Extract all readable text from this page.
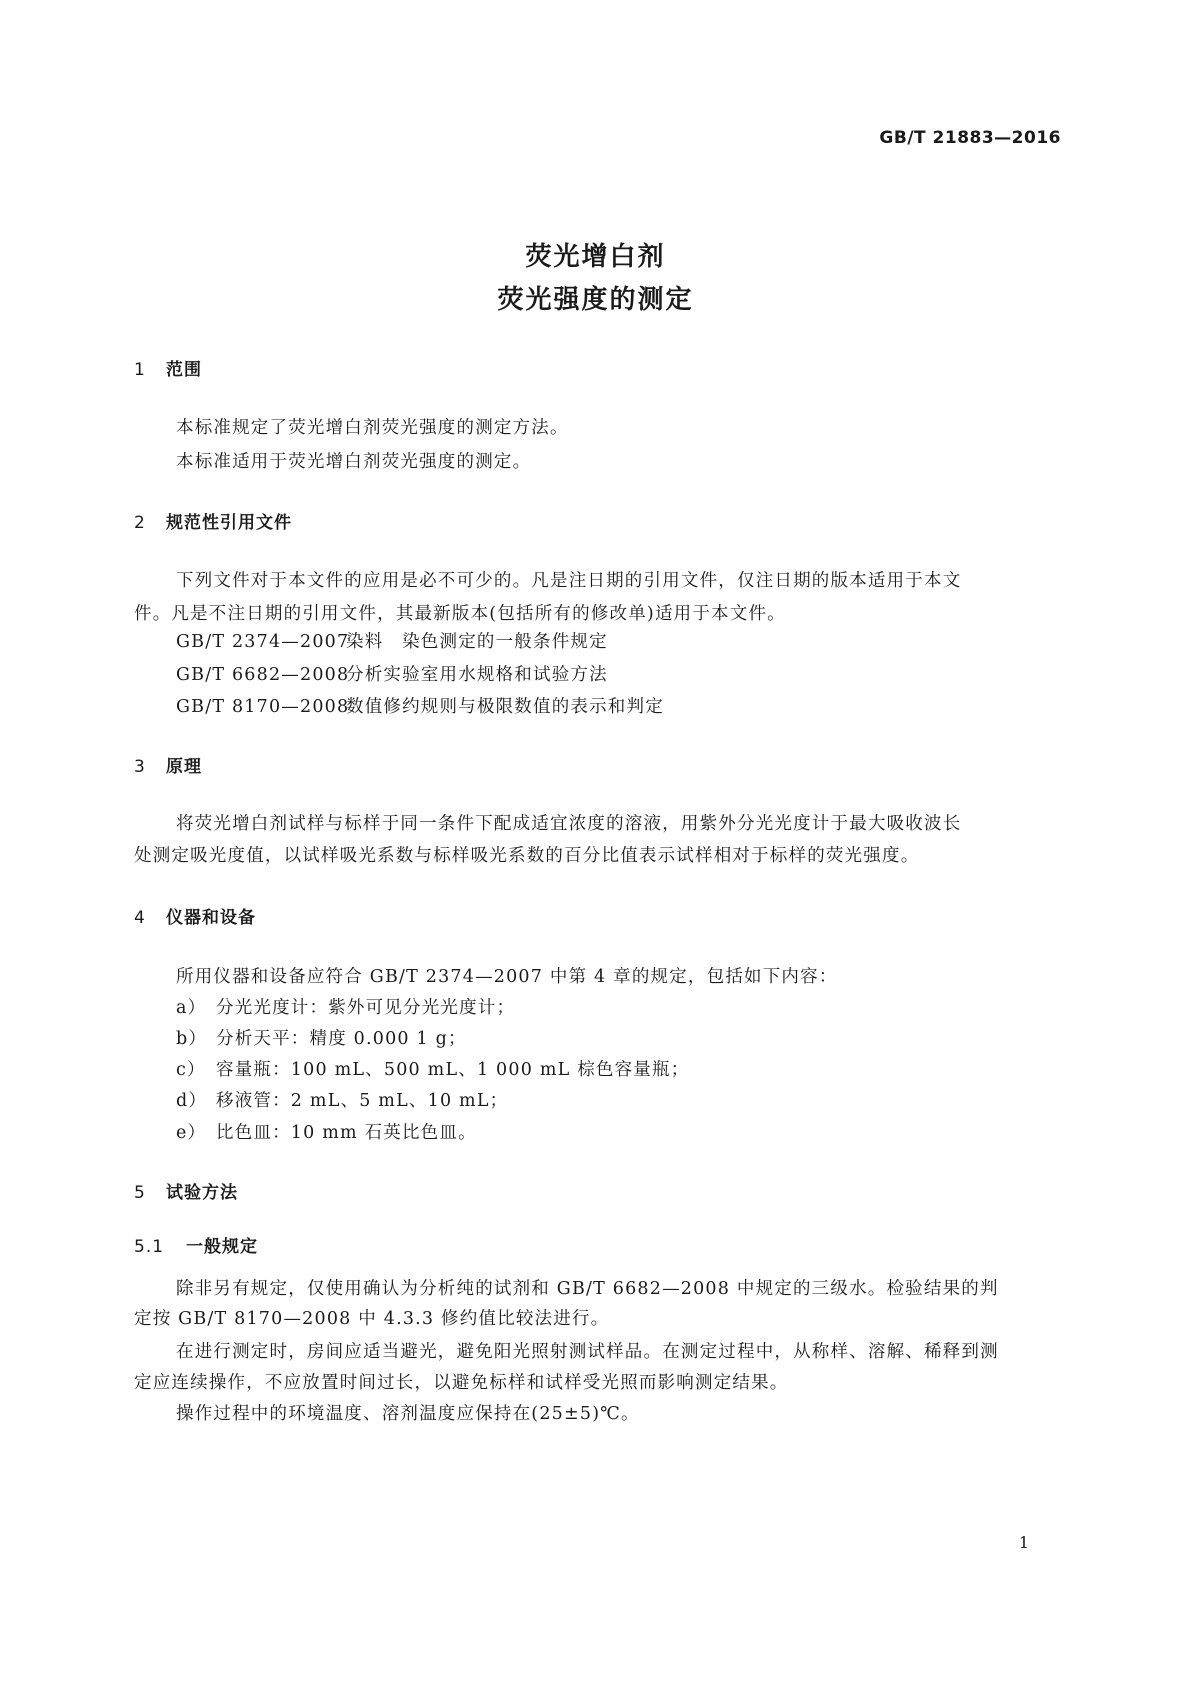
GB/T 21883—2016
荧光增白剂
荧光强度的测定
1 范围
本标准规定了荧光增白剂荧光强度的测定方法。
本标准适用于荧光增白剂荧光强度的测定。
2 规范性引用文件
下列文件对于本文件的应用是必不可少的。凡是注日期的引用文件，仅注日期的版本适用于本文
件。凡是不注日期的引用文件，其最新版本(包括所有的修改单)适用于本文件。
GB/T 2374—2007染料　染色测定的一般条件规定
GB/T 6682—2008分析实验室用水规格和试验方法
GB/T 8170—2008数值修约规则与极限数值的表示和判定
3 原理
将荧光增白剂试样与标样于同一条件下配成适宜浓度的溶液，用紫外分光光度计于最大吸收波长
处测定吸光度值，以试样吸光系数与标样吸光系数的百分比值表示试样相对于标样的荧光强度。
4 仪器和设备
所用仪器和设备应符合 GB/T 2374—2007 中第 4 章的规定，包括如下内容：
a） 分光光度计：紫外可见分光光度计；
b） 分析天平：精度 0.000 1 g；
c） 容量瓶：100 mL、500 mL、1 000 mL 棕色容量瓶；
d） 移液管：2 mL、5 mL、10 mL；
e） 比色皿：10 mm 石英比色皿。
5 试验方法
5.1 一般规定
除非另有规定，仅使用确认为分析纯的试剂和 GB/T 6682—2008 中规定的三级水。检验结果的判
定按 GB/T 8170—2008 中 4.3.3 修约值比较法进行。
在进行测定时，房间应适当避光，避免阳光照射测试样品。在测定过程中，从称样、溶解、稀释到测
定应连续操作，不应放置时间过长，以避免标样和试样受光照而影响测定结果。
操作过程中的环境温度、溶剂温度应保持在(25±5)℃。
1
